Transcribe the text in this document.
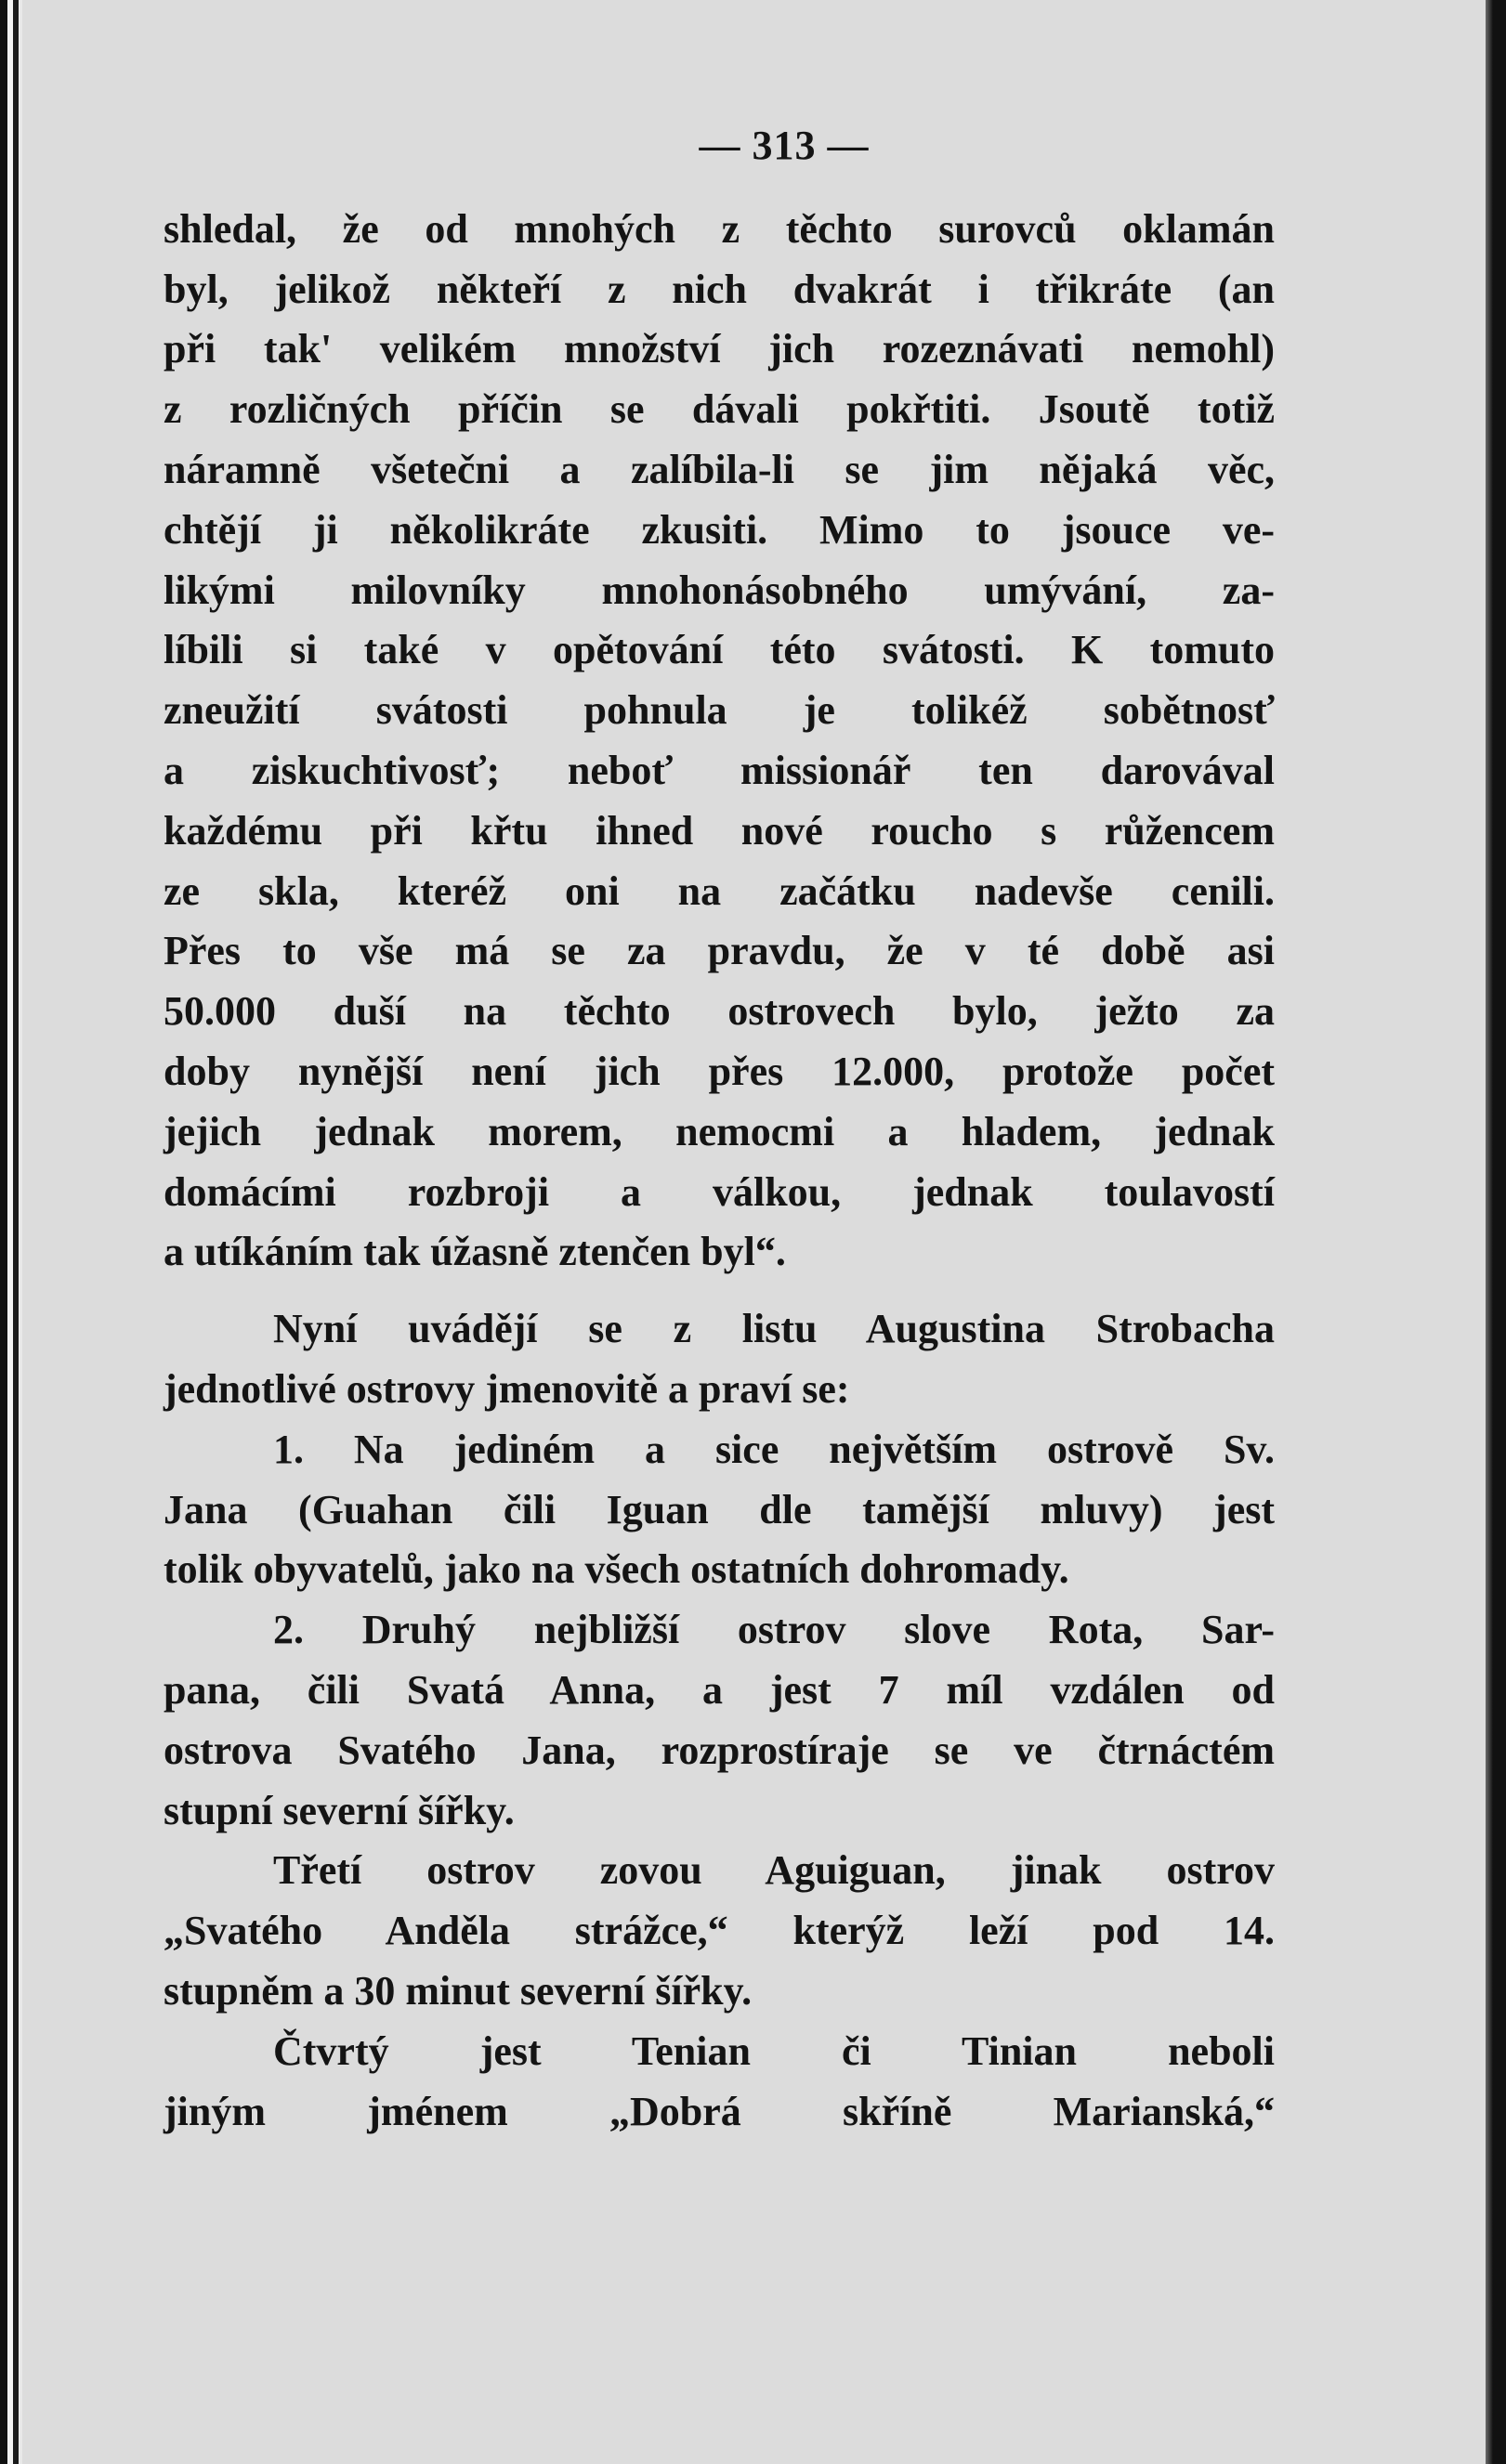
— 313 —
shledal, že od mnohých z těchto surovců oklamán
byl, jelikož někteří z nich dvakrát i třikráte (an
při tak' velikém množství jich rozeznávati nemohl)
z rozličných příčin se dávali pokřtiti. Jsoutě totiž
náramně všetečni a zalíbila-li se jim nějaká věc,
chtějí ji několikráte zkusiti. Mimo to jsouce ve-
likými milovníky mnohonásobného umývání, za-
líbili si také v opětování této svátosti. K tomuto
zneužití svátosti pohnula je tolikéž sobětnosť
a ziskuchtivosť; neboť missionář ten darovával
každému při křtu ihned nové roucho s růžencem
ze skla, kteréž oni na začátku nadevše cenili.
Přes to vše má se za pravdu, že v té době asi
50.000 duší na těchto ostrovech bylo, ježto za
doby nynější není jich přes 12.000, protože počet
jejich jednak morem, nemocmi a hladem, jednak
domácími rozbroji a válkou, jednak toulavostí
a utíkáním tak úžasně ztenčen byl“.
Nyní uvádějí se z listu Augustina Strobacha
jednotlivé ostrovy jmenovitě a praví se:
1. Na jediném a sice největším ostrově Sv.
Jana (Guahan čili Iguan dle tamější mluvy) jest
tolik obyvatelů, jako na všech ostatních dohromady.
2. Druhý nejbližší ostrov slove Rota, Sar-
pana, čili Svatá Anna, a jest 7 míl vzdálen od
ostrova Svatého Jana, rozprostíraje se ve čtrnáctém
stupní severní šířky.
Třetí ostrov zovou Aguiguan, jinak ostrov
„Svatého Anděla strážce,“ kterýž leží pod 14.
stupněm a 30 minut severní šířky.
Čtvrtý jest Tenian či Tinian neboli
jiným jménem „Dobrá skříně Marianská,“
